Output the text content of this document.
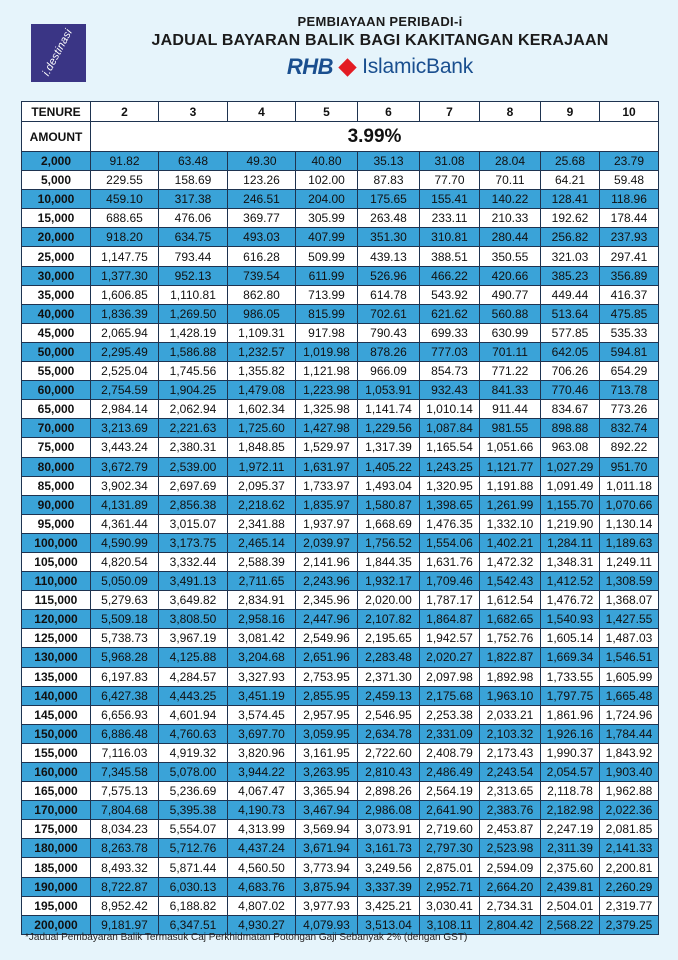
i.destinasi
PEMBIAYAAN PERIBADI-i
JADUAL BAYARAN BALIK BAGI KAKITANGAN KERAJAAN
RHB IslamicBank
TENURE	2	3	4	5	6	7	8	9	10
AMOUNT	3.99%								
2,000	91.82	63.48	49.30	40.80	35.13	31.08	28.04	25.68	23.79
5,000	229.55	158.69	123.26	102.00	87.83	77.70	70.11	64.21	59.48
10,000	459.10	317.38	246.51	204.00	175.65	155.41	140.22	128.41	118.96
15,000	688.65	476.06	369.77	305.99	263.48	233.11	210.33	192.62	178.44
20,000	918.20	634.75	493.03	407.99	351.30	310.81	280.44	256.82	237.93
25,000	1,147.75	793.44	616.28	509.99	439.13	388.51	350.55	321.03	297.41
30,000	1,377.30	952.13	739.54	611.99	526.96	466.22	420.66	385.23	356.89
35,000	1,606.85	1,110.81	862.80	713.99	614.78	543.92	490.77	449.44	416.37
40,000	1,836.39	1,269.50	986.05	815.99	702.61	621.62	560.88	513.64	475.85
45,000	2,065.94	1,428.19	1,109.31	917.98	790.43	699.33	630.99	577.85	535.33
50,000	2,295.49	1,586.88	1,232.57	1,019.98	878.26	777.03	701.11	642.05	594.81
55,000	2,525.04	1,745.56	1,355.82	1,121.98	966.09	854.73	771.22	706.26	654.29
60,000	2,754.59	1,904.25	1,479.08	1,223.98	1,053.91	932.43	841.33	770.46	713.78
65,000	2,984.14	2,062.94	1,602.34	1,325.98	1,141.74	1,010.14	911.44	834.67	773.26
70,000	3,213.69	2,221.63	1,725.60	1,427.98	1,229.56	1,087.84	981.55	898.88	832.74
75,000	3,443.24	2,380.31	1,848.85	1,529.97	1,317.39	1,165.54	1,051.66	963.08	892.22
80,000	3,672.79	2,539.00	1,972.11	1,631.97	1,405.22	1,243.25	1,121.77	1,027.29	951.70
85,000	3,902.34	2,697.69	2,095.37	1,733.97	1,493.04	1,320.95	1,191.88	1,091.49	1,011.18
90,000	4,131.89	2,856.38	2,218.62	1,835.97	1,580.87	1,398.65	1,261.99	1,155.70	1,070.66
95,000	4,361.44	3,015.07	2,341.88	1,937.97	1,668.69	1,476.35	1,332.10	1,219.90	1,130.14
100,000	4,590.99	3,173.75	2,465.14	2,039.97	1,756.52	1,554.06	1,402.21	1,284.11	1,189.63
105,000	4,820.54	3,332.44	2,588.39	2,141.96	1,844.35	1,631.76	1,472.32	1,348.31	1,249.11
110,000	5,050.09	3,491.13	2,711.65	2,243.96	1,932.17	1,709.46	1,542.43	1,412.52	1,308.59
115,000	5,279.63	3,649.82	2,834.91	2,345.96	2,020.00	1,787.17	1,612.54	1,476.72	1,368.07
120,000	5,509.18	3,808.50	2,958.16	2,447.96	2,107.82	1,864.87	1,682.65	1,540.93	1,427.55
125,000	5,738.73	3,967.19	3,081.42	2,549.96	2,195.65	1,942.57	1,752.76	1,605.14	1,487.03
130,000	5,968.28	4,125.88	3,204.68	2,651.96	2,283.48	2,020.27	1,822.87	1,669.34	1,546.51
135,000	6,197.83	4,284.57	3,327.93	2,753.95	2,371.30	2,097.98	1,892.98	1,733.55	1,605.99
140,000	6,427.38	4,443.25	3,451.19	2,855.95	2,459.13	2,175.68	1,963.10	1,797.75	1,665.48
145,000	6,656.93	4,601.94	3,574.45	2,957.95	2,546.95	2,253.38	2,033.21	1,861.96	1,724.96
150,000	6,886.48	4,760.63	3,697.70	3,059.95	2,634.78	2,331.09	2,103.32	1,926.16	1,784.44
155,000	7,116.03	4,919.32	3,820.96	3,161.95	2,722.60	2,408.79	2,173.43	1,990.37	1,843.92
160,000	7,345.58	5,078.00	3,944.22	3,263.95	2,810.43	2,486.49	2,243.54	2,054.57	1,903.40
165,000	7,575.13	5,236.69	4,067.47	3,365.94	2,898.26	2,564.19	2,313.65	2,118.78	1,962.88
170,000	7,804.68	5,395.38	4,190.73	3,467.94	2,986.08	2,641.90	2,383.76	2,182.98	2,022.36
175,000	8,034.23	5,554.07	4,313.99	3,569.94	3,073.91	2,719.60	2,453.87	2,247.19	2,081.85
180,000	8,263.78	5,712.76	4,437.24	3,671.94	3,161.73	2,797.30	2,523.98	2,311.39	2,141.33
185,000	8,493.32	5,871.44	4,560.50	3,773.94	3,249.56	2,875.01	2,594.09	2,375.60	2,200.81
190,000	8,722.87	6,030.13	4,683.76	3,875.94	3,337.39	2,952.71	2,664.20	2,439.81	2,260.29
195,000	8,952.42	6,188.82	4,807.02	3,977.93	3,425.21	3,030.41	2,734.31	2,504.01	2,319.77
200,000	9,181.97	6,347.51	4,930.27	4,079.93	3,513.04	3,108.11	2,804.42	2,568.22	2,379.25
*Jadual Pembayaran Balik Termasuk Caj Perkhidmatan Potongan Gaji Sebanyak 2% (dengan GST)
